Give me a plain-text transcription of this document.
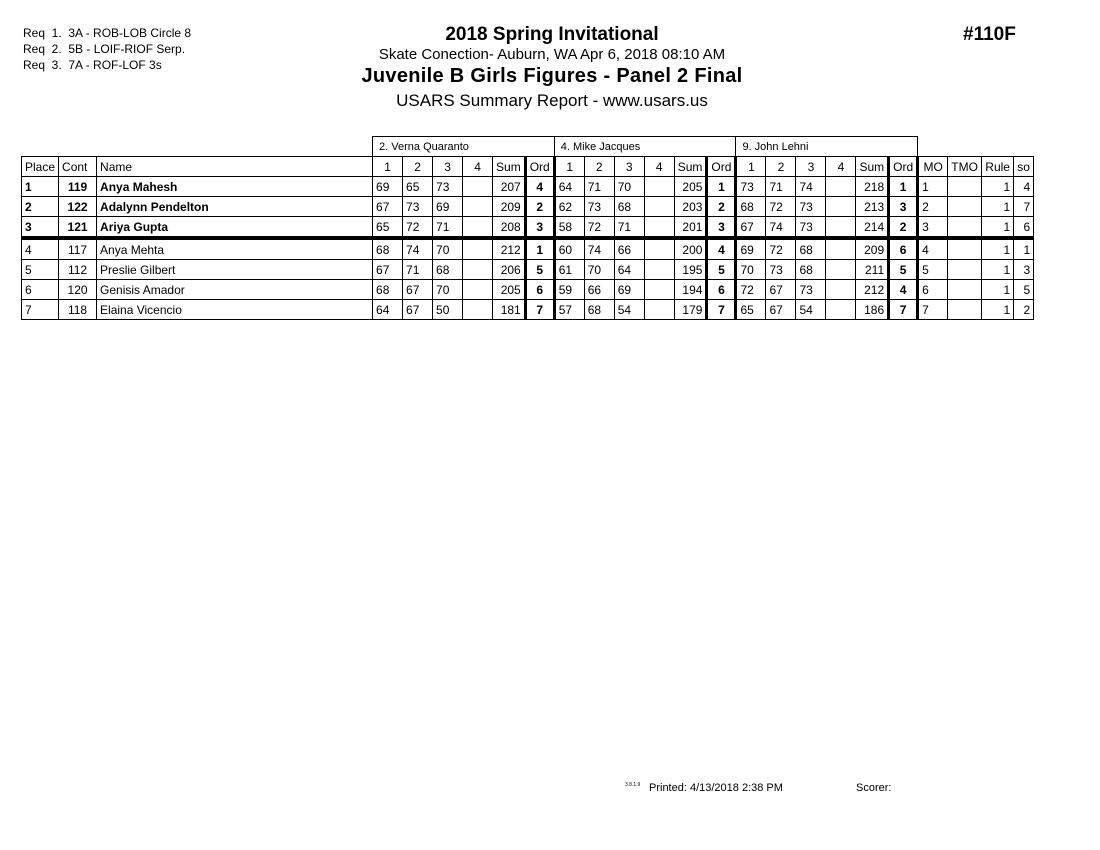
Req  1.  3A - ROB-LOB Circle 8
Req  2.  5B - LOIF-RIOF Serp.
Req  3.  7A - ROF-LOF 3s
#110F
2018 Spring Invitational
Skate Conection- Auburn, WA Apr 6, 2018 08:10 AM
Juvenile B Girls Figures - Panel 2 Final
USARS Summary Report - www.usars.us
			2. Verna Quaranto						4. Mike Jacques						9. John Lehni									
Place	Cont	Name	1	2	3	4	Sum	Ord	1	2	3	4	Sum	Ord	1	2	3	4	Sum	Ord	MO	TMO	Rule	so
1	119	Anya Mahesh	69	65	73		207	4	64	71	70		205	1	73	71	74		218	1	1		1	4
2	122	Adalynn Pendelton	67	73	69		209	2	62	73	68		203	2	68	72	73		213	3	2		1	7
3	121	Ariya Gupta	65	72	71		208	3	58	72	71		201	3	67	74	73		214	2	3		1	6
4	117	Anya Mehta	68	74	70		212	1	60	74	66		200	4	69	72	68		209	6	4		1	1
5	112	Preslie Gilbert	67	71	68		206	5	61	70	64		195	5	70	73	68		211	5	5		1	3
6	120	Genisis Amador	68	67	70		205	6	59	66	69		194	6	72	67	73		212	4	6		1	5
7	118	Elaina Vicencio	64	67	50		181	7	57	68	54		179	7	65	67	54		186	7	7		1	2
3.8.1.9 Printed: 4/13/2018 2:38 PM	Scorer:
